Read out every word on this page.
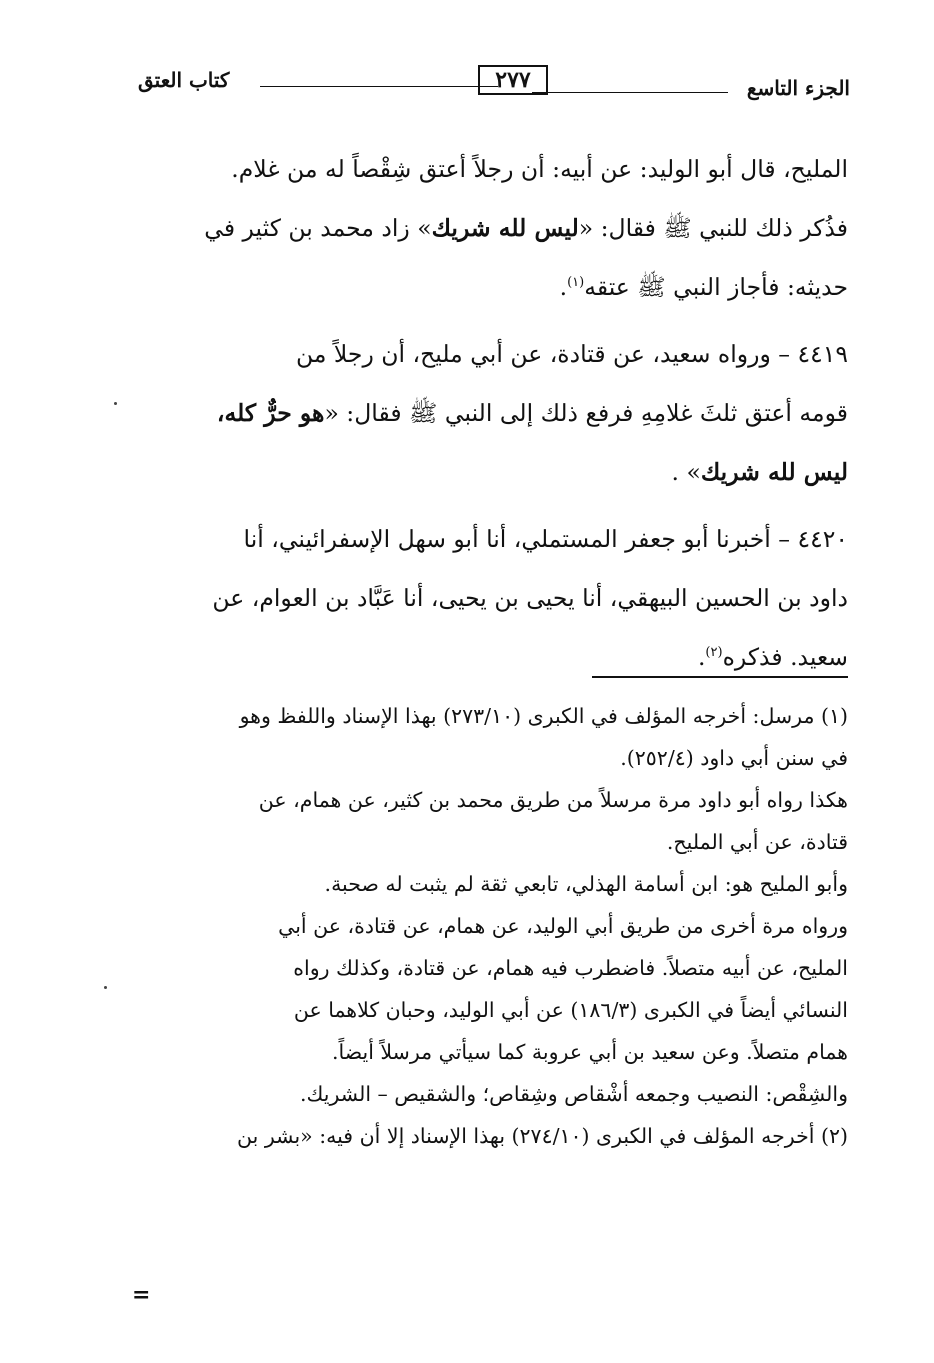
الجزء التاسع
٢٧٧
كتاب العتق

المليح، قال أبو الوليد: عن أبيه: أن رجلاً أعتق شِقْصاً له من غلام.

فذُكر ذلك للنبي ﷺ فقال: «ليس لله شريك» زاد محمد بن كثير في

حديثه: فأجاز النبي ﷺ عتقه$^{(١)}$.

٤٤١٩ – ورواه سعيد، عن قتادة، عن أبي مليح، أن رجلاً من

قومه أعتق ثلثَ غلامِهِ فرفع ذلك إلى النبي ﷺ فقال: «هو حرٌّ كله،

ليس لله شريك» .

٤٤٢٠ – أخبرنا أبو جعفر المستملي، أنا أبو سهل الإسفرائيني، أنا

داود بن الحسين البيهقي، أنا يحيى بن يحيى، أنا عَبَّاد بن العوام، عن

سعيد. فذكره$^{(٢)}$.

(١) مرسل: أخرجه المؤلف في الكبرى (٢٧٣/١٠) بهذا الإسناد واللفظ وهو

في سنن أبي داود (٢٥٢/٤).

هكذا رواه أبو داود مرة مرسلاً من طريق محمد بن كثير، عن همام، عن

قتادة، عن أبي المليح.

وأبو المليح هو: ابن أسامة الهذلي، تابعي ثقة لم يثبت له صحبة.

ورواه مرة أخرى من طريق أبي الوليد، عن همام، عن قتادة، عن أبي

المليح، عن أبيه متصلاً. فاضطرب فيه همام، عن قتادة، وكذلك رواه

النسائي أيضاً في الكبرى (١٨٦/٣) عن أبي الوليد، وحبان كلاهما عن

همام متصلاً. وعن سعيد بن أبي عروبة كما سيأتي مرسلاً أيضاً.

والشِقْص: النصيب وجمعه أشْقاص وشِقاص؛ والشقيص – الشريك.

(٢) أخرجه المؤلف في الكبرى (٢٧٤/١٠) بهذا الإسناد إلا أن فيه: «بشر بن

=
